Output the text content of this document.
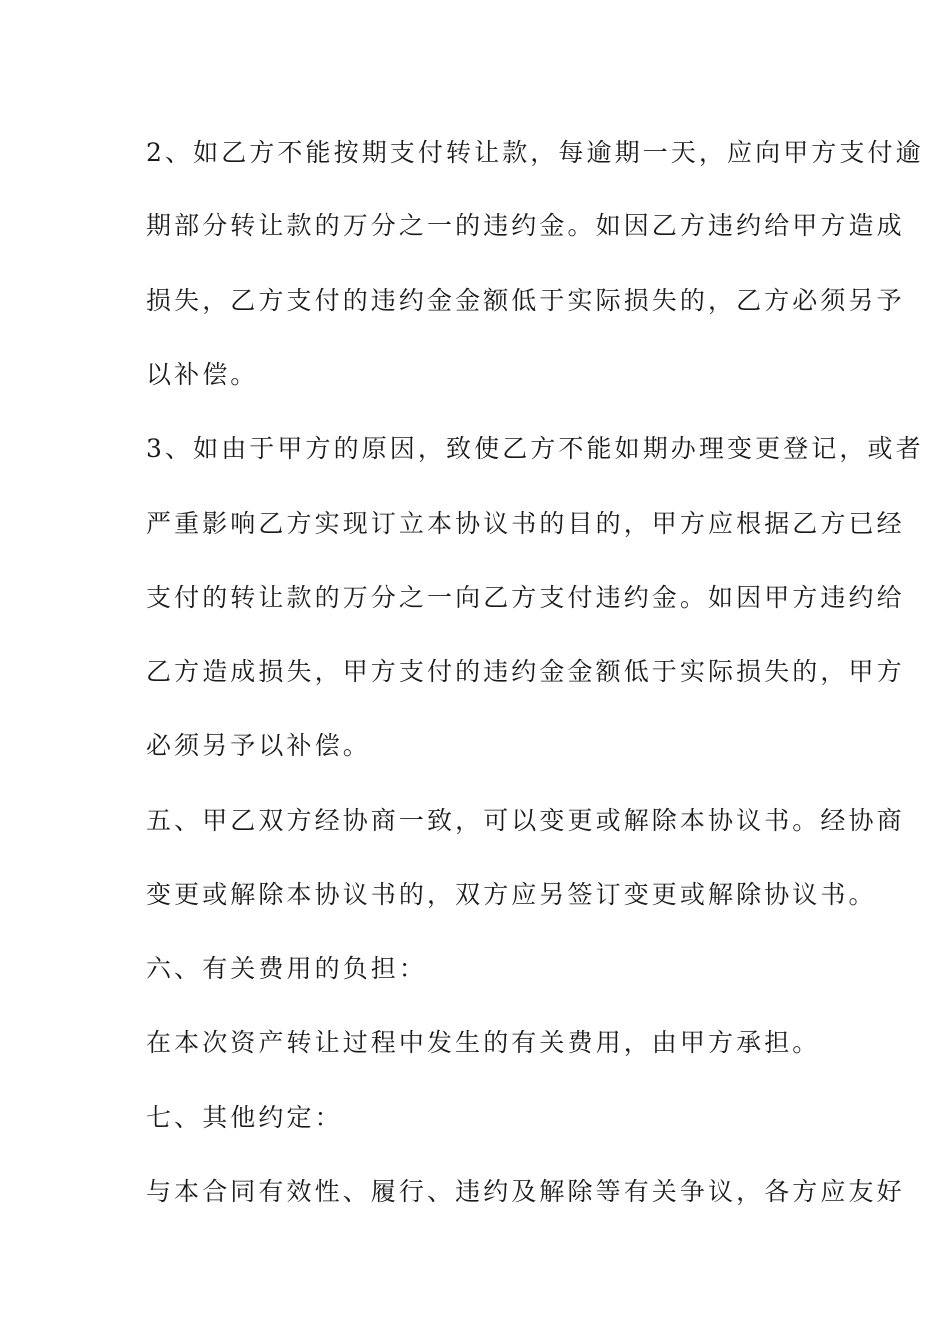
2、如乙方不能按期支付转让款，每逾期一天，应向甲方支付逾
期部分转让款的万分之一的违约金。如因乙方违约给甲方造成
损失，乙方支付的违约金金额低于实际损失的，乙方必须另予
以补偿。
3、如由于甲方的原因，致使乙方不能如期办理变更登记，或者
严重影响乙方实现订立本协议书的目的，甲方应根据乙方已经
支付的转让款的万分之一向乙方支付违约金。如因甲方违约给
乙方造成损失，甲方支付的违约金金额低于实际损失的，甲方
必须另予以补偿。
五、甲乙双方经协商一致，可以变更或解除本协议书。经协商
变更或解除本协议书的，双方应另签订变更或解除协议书。
六、有关费用的负担：
在本次资产转让过程中发生的有关费用，由甲方承担。
七、其他约定：
与本合同有效性、履行、违约及解除等有关争议，各方应友好
